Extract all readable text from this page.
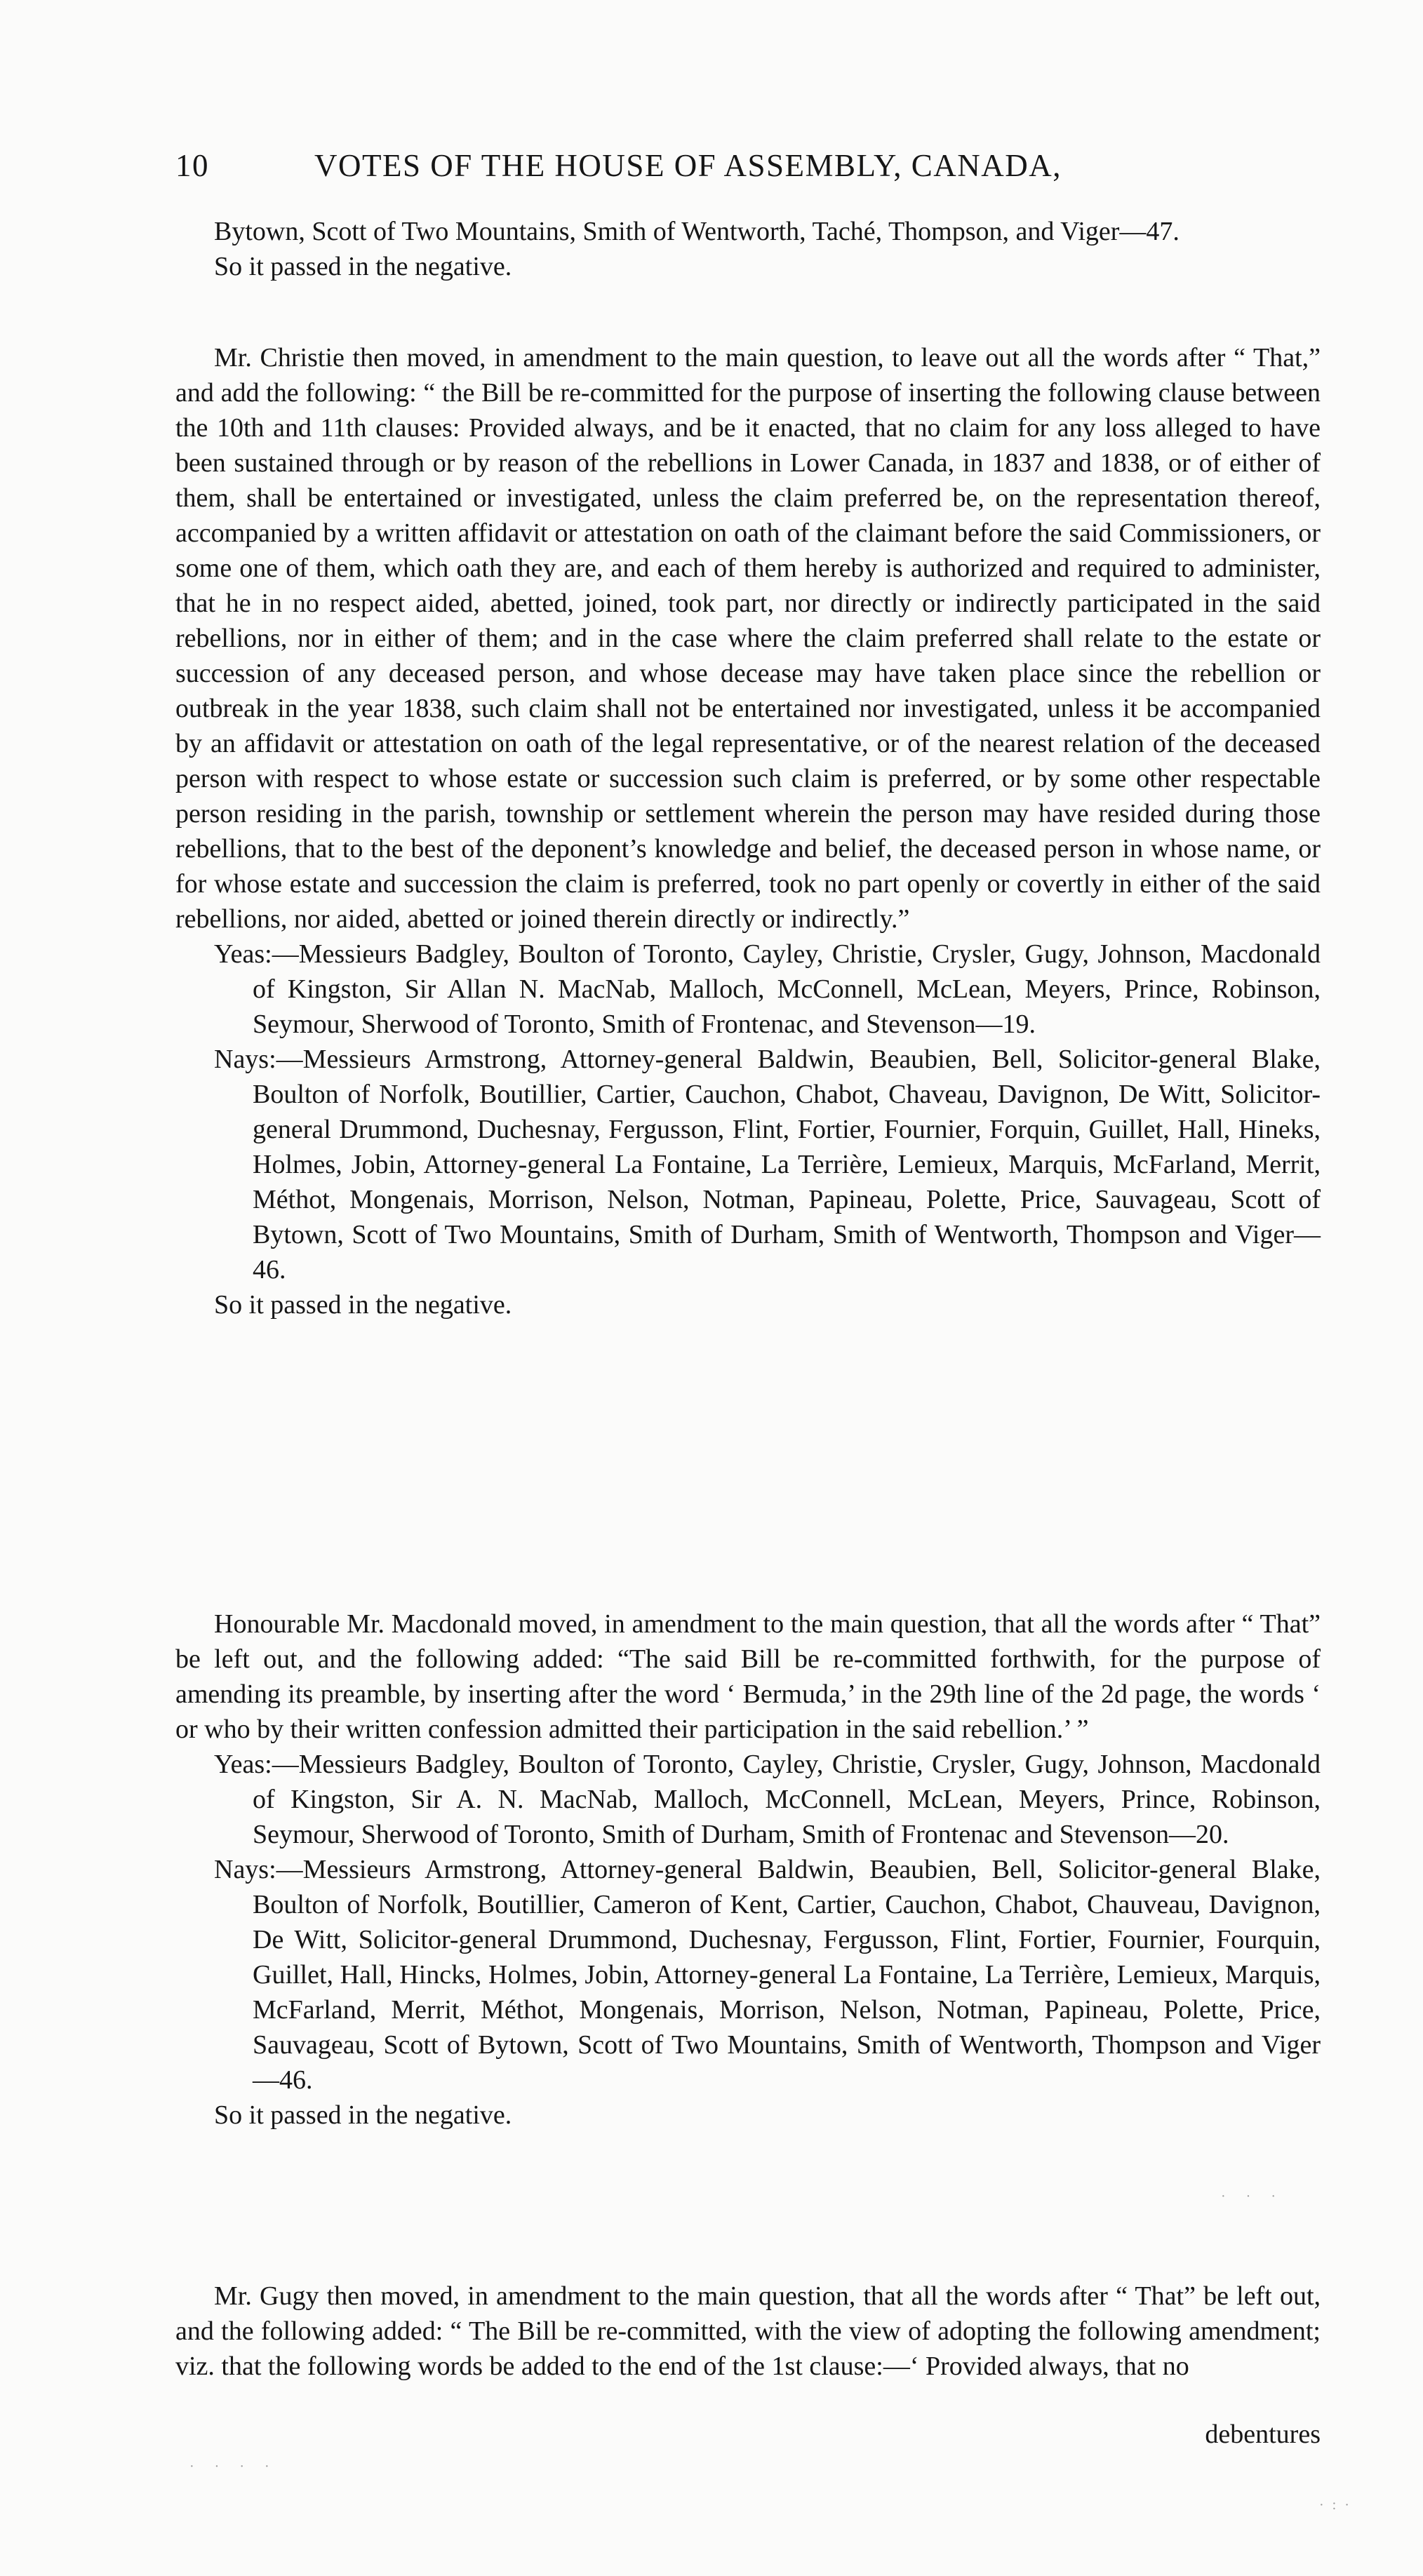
10	VOTES OF THE HOUSE OF ASSEMBLY, CANADA,

Bytown, Scott of Two Mountains, Smith of Wentworth, Taché, Thompson, and Viger—47.

So it passed in the negative.

Mr. Christie then moved, in amendment to the main question, to leave out all the words after “ That,” and add the following: “ the Bill be re-committed for the purpose of inserting the following clause between the 10th and 11th clauses: Provided always, and be it enacted, that no claim for any loss alleged to have been sustained through or by reason of the rebellions in Lower Canada, in 1837 and 1838, or of either of them, shall be entertained or investigated, unless the claim preferred be, on the representation thereof, accompanied by a written affidavit or attestation on oath of the claimant before the said Commissioners, or some one of them, which oath they are, and each of them hereby is authorized and required to administer, that he in no respect aided, abetted, joined, took part, nor directly or indirectly participated in the said rebellions, nor in either of them; and in the case where the claim preferred shall relate to the estate or succession of any deceased person, and whose decease may have taken place since the rebellion or outbreak in the year 1838, such claim shall not be entertained nor investigated, unless it be accompanied by an affidavit or attestation on oath of the legal representative, or of the nearest relation of the deceased person with respect to whose estate or succession such claim is preferred, or by some other respectable person residing in the parish, township or settlement wherein the person may have resided during those rebellions, that to the best of the deponent’s knowledge and belief, the deceased person in whose name, or for whose estate and succession the claim is preferred, took no part openly or covertly in either of the said rebellions, nor aided, abetted or joined therein directly or indirectly.”

Yeas:—Messieurs Badgley, Boulton of Toronto, Cayley, Christie, Crysler, Gugy, Johnson, Macdonald of Kingston, Sir Allan N. MacNab, Malloch, McConnell, McLean, Meyers, Prince, Robinson, Seymour, Sherwood of Toronto, Smith of Frontenac, and Stevenson—19.

Nays:—Messieurs Armstrong, Attorney-general Baldwin, Beaubien, Bell, Solicitor-general Blake, Boulton of Norfolk, Boutillier, Cartier, Cauchon, Chabot, Chaveau, Davignon, De Witt, Solicitor-general Drummond, Duchesnay, Fergusson, Flint, Fortier, Fournier, Forquin, Guillet, Hall, Hineks, Holmes, Jobin, Attorney-general La Fontaine, La Terrière, Lemieux, Marquis, McFarland, Merrit, Méthot, Mongenais, Morrison, Nelson, Notman, Papineau, Polette, Price, Sauvageau, Scott of Bytown, Scott of Two Mountains, Smith of Durham, Smith of Wentworth, Thompson and Viger—46.

So it passed in the negative.

Honourable Mr. Macdonald moved, in amendment to the main question, that all the words after “ That” be left out, and the following added: “The said Bill be re-committed forthwith, for the purpose of amending its preamble, by inserting after the word ‘ Bermuda,’ in the 29th line of the 2d page, the words ‘ or who by their written confession admitted their participation in the said rebellion.’ ”

Yeas:—Messieurs Badgley, Boulton of Toronto, Cayley, Christie, Crysler, Gugy, Johnson, Macdonald of Kingston, Sir A. N. MacNab, Malloch, McConnell, McLean, Meyers, Prince, Robinson, Seymour, Sherwood of Toronto, Smith of Durham, Smith of Frontenac and Stevenson—20.

Nays:—Messieurs Armstrong, Attorney-general Baldwin, Beaubien, Bell, Solicitor-general Blake, Boulton of Norfolk, Boutillier, Cameron of Kent, Cartier, Cauchon, Chabot, Chauveau, Davignon, De Witt, Solicitor-general Drummond, Duchesnay, Fergusson, Flint, Fortier, Fournier, Fourquin, Guillet, Hall, Hincks, Holmes, Jobin, Attorney-general La Fontaine, La Terrière, Lemieux, Marquis, McFarland, Merrit, Méthot, Mongenais, Morrison, Nelson, Notman, Papineau, Polette, Price, Sauvageau, Scott of Bytown, Scott of Two Mountains, Smith of Wentworth, Thompson and Viger—46.

So it passed in the negative.

Mr. Gugy then moved, in amendment to the main question, that all the words after “ That” be left out, and the following added: “ The Bill be re-committed, with the view of adopting the following amendment; viz. that the following words be added to the end of the 1st clause:—‘ Provided always, that no

debentures
· · ·
·:·
· · · ·
